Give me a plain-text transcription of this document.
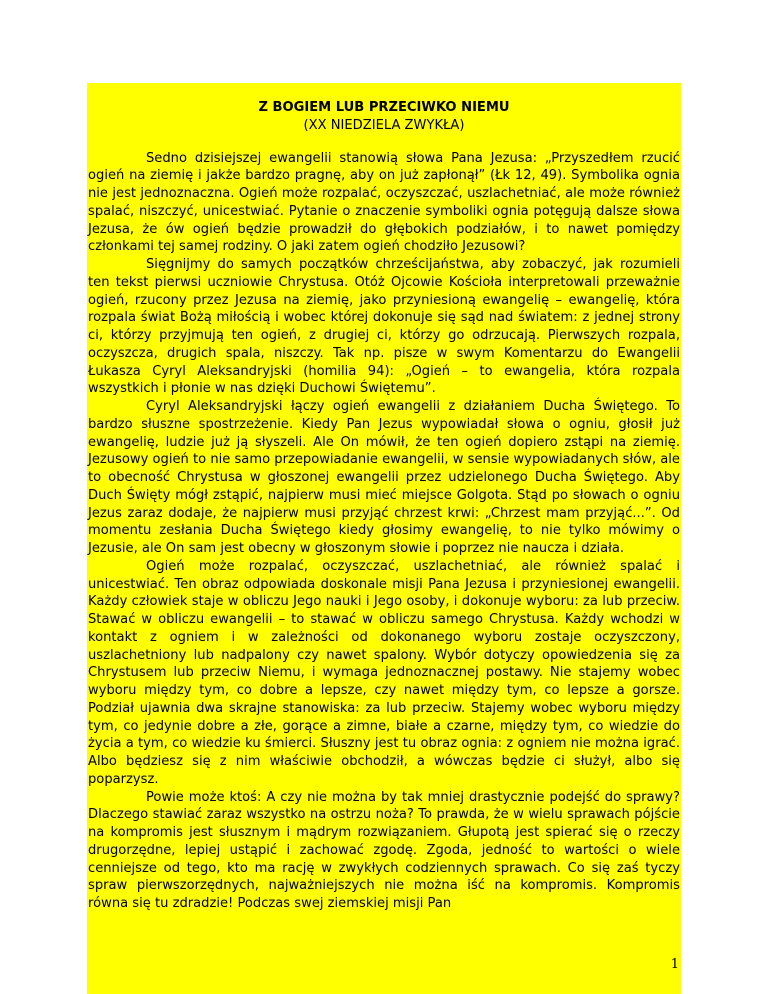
Z BOGIEM LUB PRZECIWKO NIEMU

(XX NIEDZIELA ZWYKŁA)

Sedno dzisiejszej ewangelii stanowią słowa Pana Jezusa: „Przyszedłem rzucić ogień na ziemię i jakże bardzo pragnę, aby on już zapłonął” (Łk 12, 49). Symbolika ognia nie jest jednoznaczna. Ogień może rozpalać, oczyszczać, uszlachetniać, ale może również spalać, niszczyć, unicestwiać. Pytanie o znaczenie symboliki ognia potęgują dalsze słowa Jezusa, że ów ogień będzie prowadził do głębokich podziałów, i to nawet pomiędzy członkami tej samej rodziny. O jaki zatem ogień chodziło Jezusowi?

Sięgnijmy do samych początków chrześcijaństwa, aby zobaczyć, jak rozumieli ten tekst pierwsi uczniowie Chrystusa. Otóż Ojcowie Kościoła interpretowali przeważnie ogień, rzucony przez Jezusa na ziemię, jako przyniesioną ewangelię – ewangelię, która rozpala świat Bożą miłością i wobec której dokonuje się sąd nad światem: z jednej strony ci, którzy przyjmują ten ogień, z drugiej ci, którzy go odrzucają. Pierwszych rozpala, oczyszcza, drugich spala, niszczy. Tak np. pisze w swym Komentarzu do Ewangelii Łukasza Cyryl Aleksandryjski (homilia 94): „Ogień – to ewangelia, która rozpala wszystkich i płonie w nas dzięki Duchowi Świętemu”.

Cyryl Aleksandryjski łączy ogień ewangelii z działaniem Ducha Świętego. To bardzo słuszne spostrzeżenie. Kiedy Pan Jezus wypowiadał słowa o ogniu, głosił już ewangelię, ludzie już ją słyszeli. Ale On mówił, że ten ogień dopiero zstąpi na ziemię. Jezusowy ogień to nie samo przepowiadanie ewangelii, w sensie wypowiadanych słów, ale to obecność Chrystusa w głoszonej ewangelii przez udzielonego Ducha Świętego. Aby Duch Święty mógł zstąpić, najpierw musi mieć miejsce Golgota. Stąd po słowach o ogniu Jezus zaraz dodaje, że najpierw musi przyjąć chrzest krwi: „Chrzest mam przyjąć...”. Od momentu zesłania Ducha Świętego kiedy głosimy ewangelię, to nie tylko mówimy o Jezusie, ale On sam jest obecny w głoszonym słowie i poprzez nie naucza i działa.

Ogień może rozpalać, oczyszczać, uszlachetniać, ale również spalać i unicestwiać. Ten obraz odpowiada doskonale misji Pana Jezusa i przyniesionej ewangelii. Każdy człowiek staje w obliczu Jego nauki i Jego osoby, i dokonuje wyboru: za lub przeciw. Stawać w obliczu ewangelii – to stawać w obliczu samego Chrystusa. Każdy wchodzi w kontakt z ogniem i w zależności od dokonanego wyboru zostaje oczyszczony, uszlachetniony lub nadpalony czy nawet spalony. Wybór dotyczy opowiedzenia się za Chrystusem lub przeciw Niemu, i wymaga jednoznacznej postawy. Nie stajemy wobec wyboru między tym, co dobre a lepsze, czy nawet między tym, co lepsze a gorsze. Podział ujawnia dwa skrajne stanowiska: za lub przeciw. Stajemy wobec wyboru między tym, co jedynie dobre a złe, gorące a zimne, białe a czarne, między tym, co wiedzie do życia a tym, co wiedzie ku śmierci. Słuszny jest tu obraz ognia: z ogniem nie można igrać. Albo będziesz się z nim właściwie obchodził, a wówczas będzie ci służył, albo się poparzysz.

Powie może ktoś: A czy nie można by tak mniej drastycznie podejść do sprawy? Dlaczego stawiać zaraz wszystko na ostrzu noża? To prawda, że w wielu sprawach pójście na kompromis jest słusznym i mądrym rozwiązaniem. Głupotą jest spierać się o rzeczy drugorzędne, lepiej ustąpić i zachować zgodę. Zgoda, jedność to wartości o wiele cenniejsze od tego, kto ma rację w zwykłych codziennych sprawach. Co się zaś tyczy spraw pierwszorzędnych, najważniejszych nie można iść na kompromis. Kompromis równa się tu zdradzie! Podczas swej ziemskiej misji Pan

1
